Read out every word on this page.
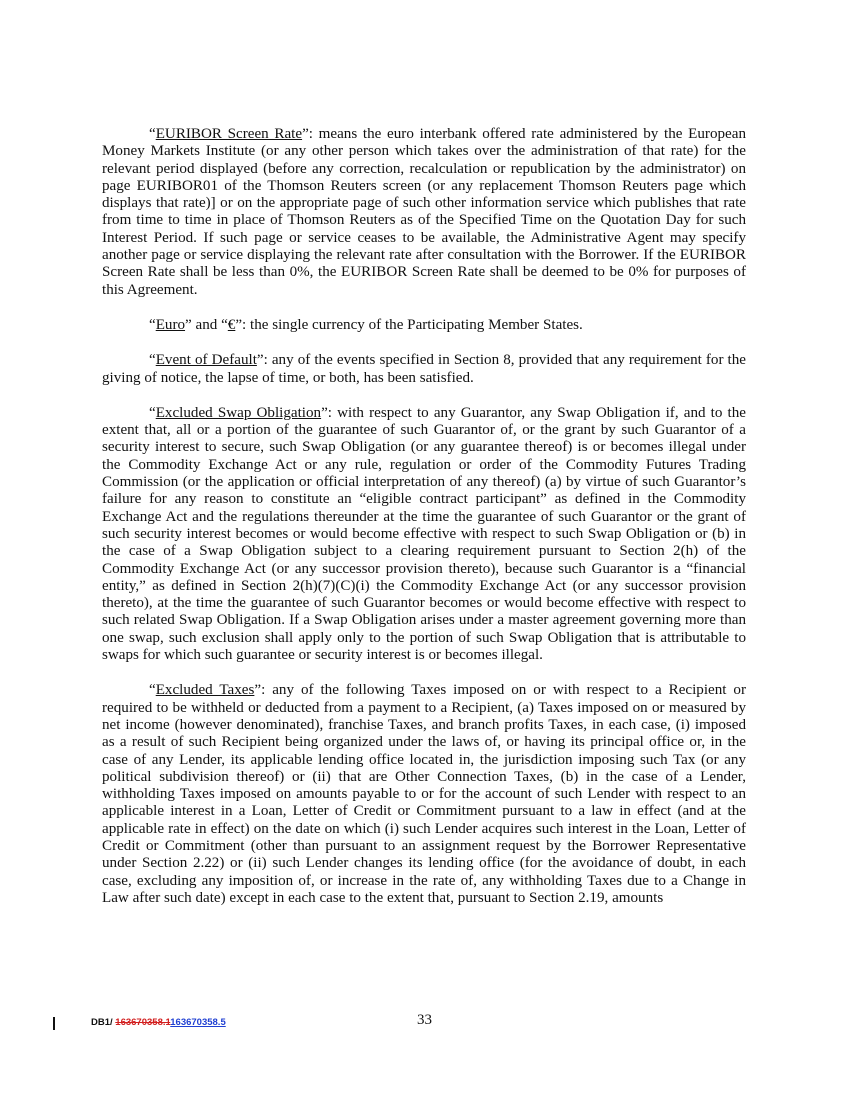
“EURIBOR Screen Rate”: means the euro interbank offered rate administered by the European Money Markets Institute (or any other person which takes over the administration of that rate) for the relevant period displayed (before any correction, recalculation or republication by the administrator) on page EURIBOR01 of the Thomson Reuters screen (or any replacement Thomson Reuters page which displays that rate)] or on the appropriate page of such other information service which publishes that rate from time to time in place of Thomson Reuters as of the Specified Time on the Quotation Day for such Interest Period. If such page or service ceases to be available, the Administrative Agent may specify another page or service displaying the relevant rate after consultation with the Borrower. If the EURIBOR Screen Rate shall be less than 0%, the EURIBOR Screen Rate shall be deemed to be 0% for purposes of this Agreement.

“Euro” and “€”: the single currency of the Participating Member States.

“Event of Default”: any of the events specified in Section 8, provided that any requirement for the giving of notice, the lapse of time, or both, has been satisfied.

“Excluded Swap Obligation”: with respect to any Guarantor, any Swap Obligation if, and to the extent that, all or a portion of the guarantee of such Guarantor of, or the grant by such Guarantor of a security interest to secure, such Swap Obligation (or any guarantee thereof) is or becomes illegal under the Commodity Exchange Act or any rule, regulation or order of the Commodity Futures Trading Commission (or the application or official interpretation of any thereof) (a) by virtue of such Guarantor’s failure for any reason to constitute an “eligible contract participant” as defined in the Commodity Exchange Act and the regulations thereunder at the time the guarantee of such Guarantor or the grant of such security interest becomes or would become effective with respect to such Swap Obligation or (b) in the case of a Swap Obligation subject to a clearing requirement pursuant to Section 2(h) of the Commodity Exchange Act (or any successor provision thereto), because such Guarantor is a “financial entity,” as defined in Section 2(h)(7)(C)(i) the Commodity Exchange Act (or any successor provision thereto), at the time the guarantee of such Guarantor becomes or would become effective with respect to such related Swap Obligation. If a Swap Obligation arises under a master agreement governing more than one swap, such exclusion shall apply only to the portion of such Swap Obligation that is attributable to swaps for which such guarantee or security interest is or becomes illegal.

“Excluded Taxes”: any of the following Taxes imposed on or with respect to a Recipient or required to be withheld or deducted from a payment to a Recipient, (a) Taxes imposed on or measured by net income (however denominated), franchise Taxes, and branch profits Taxes, in each case, (i) imposed as a result of such Recipient being organized under the laws of, or having its principal office or, in the case of any Lender, its applicable lending office located in, the jurisdiction imposing such Tax (or any political subdivision thereof) or (ii) that are Other Connection Taxes, (b) in the case of a Lender, withholding Taxes imposed on amounts payable to or for the account of such Lender with respect to an applicable interest in a Loan, Letter of Credit or Commitment pursuant to a law in effect (and at the applicable rate in effect) on the date on which (i) such Lender acquires such interest in the Loan, Letter of Credit or Commitment (other than pursuant to an assignment request by the Borrower Representative under Section 2.22) or (ii) such Lender changes its lending office (for the avoidance of doubt, in each case, excluding any imposition of, or increase in the rate of, any withholding Taxes due to a Change in Law after such date) except in each case to the extent that, pursuant to Section 2.19, amounts

33
DB1/ 163670358.1163670358.5
